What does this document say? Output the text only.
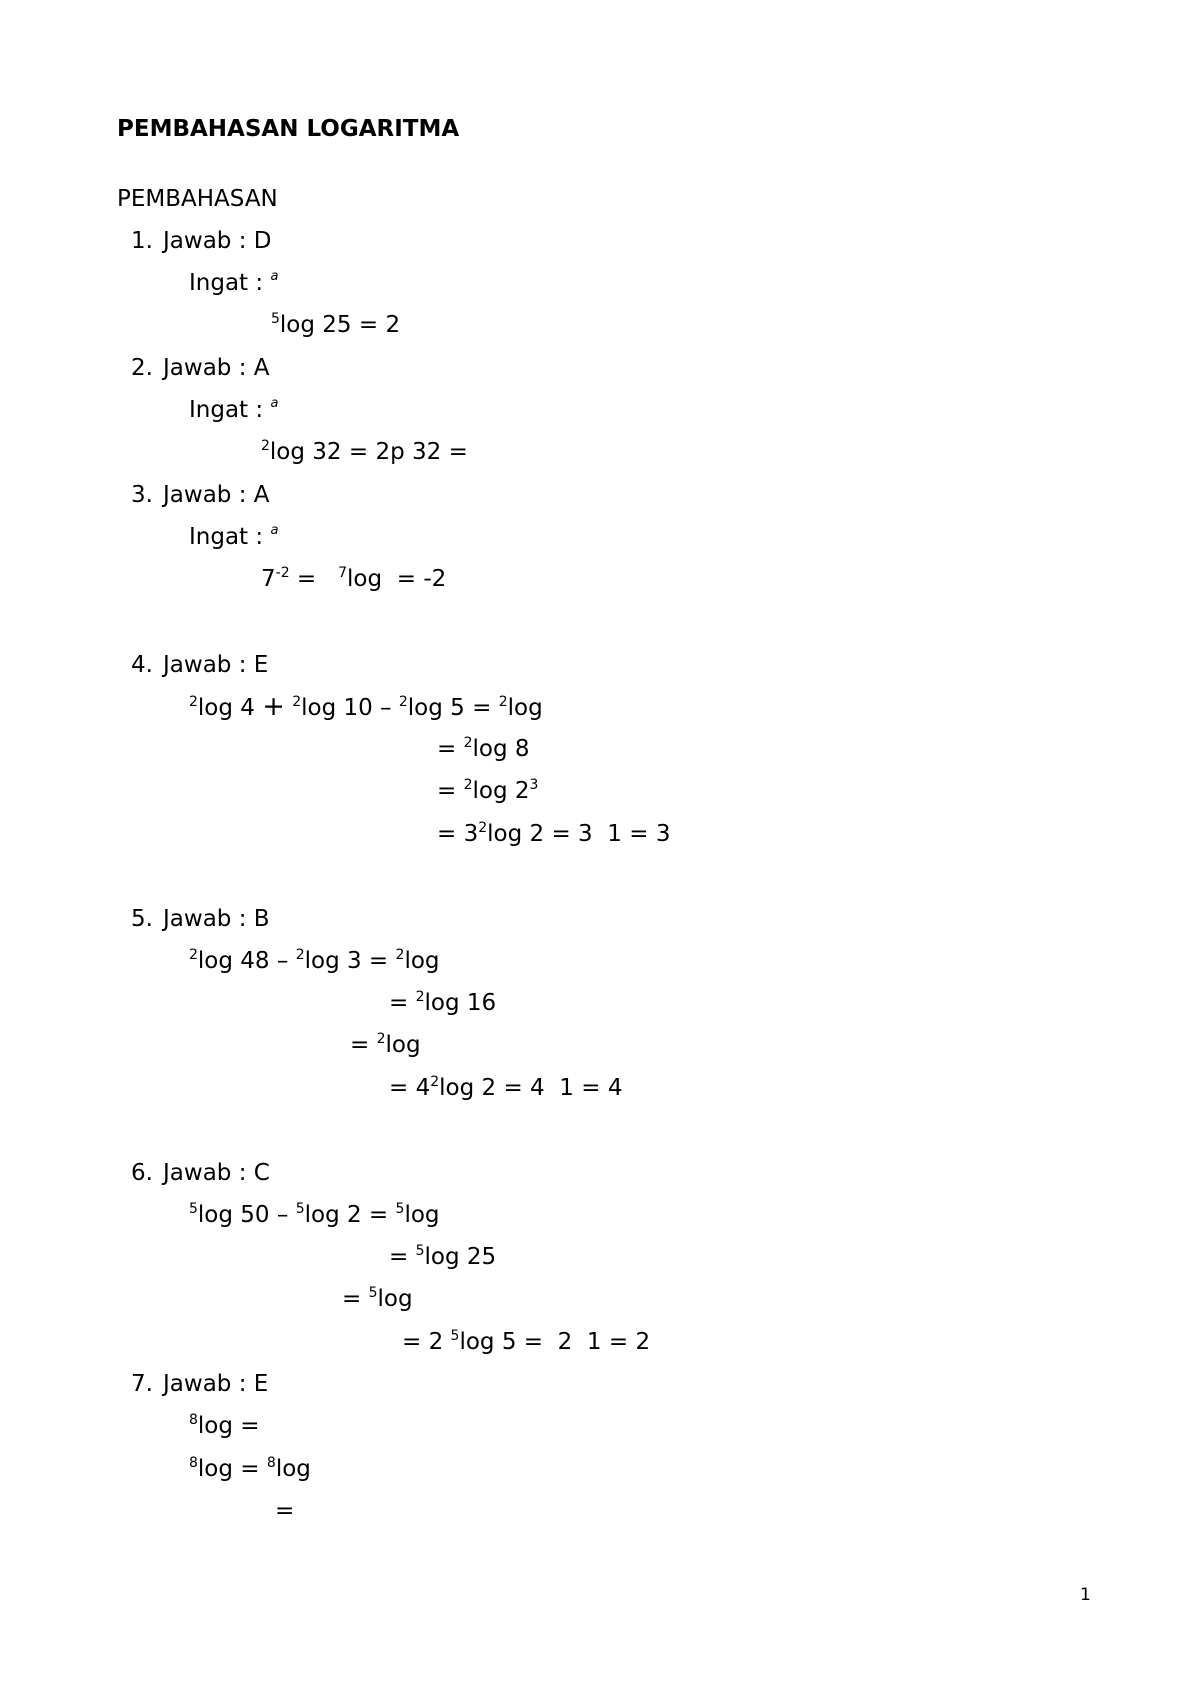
PEMBAHASAN LOGARITMA
PEMBAHASAN
1. Jawab : D
Ingat : $^a$
$^5$log 25 = 2
2. Jawab : A
Ingat : $^a$
$^2$log 32 = 2p 32 =
3. Jawab : A
Ingat : $^a$
$7^{-2} = ^7\log = -2$
4. Jawab : E
$^2$log 4 + $^2$log 10 – $^2$log 5 = $^2$log
= $^2$log 8
= $^2$log $2^3$
= $3^2\log$ 2 = 3  1 = 3
5. Jawab : B
$^2$log 48 – $^2$log 3 = $^2$log
= $^2$log 16
= $^2$log
= $4^2\log$ 2 = 4  1 = 4
6. Jawab : C
$^5$log 50 – $^5$log 2 = $^5$log
= $^5$log 25
= $^5$log
= 2 $^5$log 5 =  2  1 = 2
7. Jawab : E
$^8$log =
$^8$log = $^8$log
=
1
